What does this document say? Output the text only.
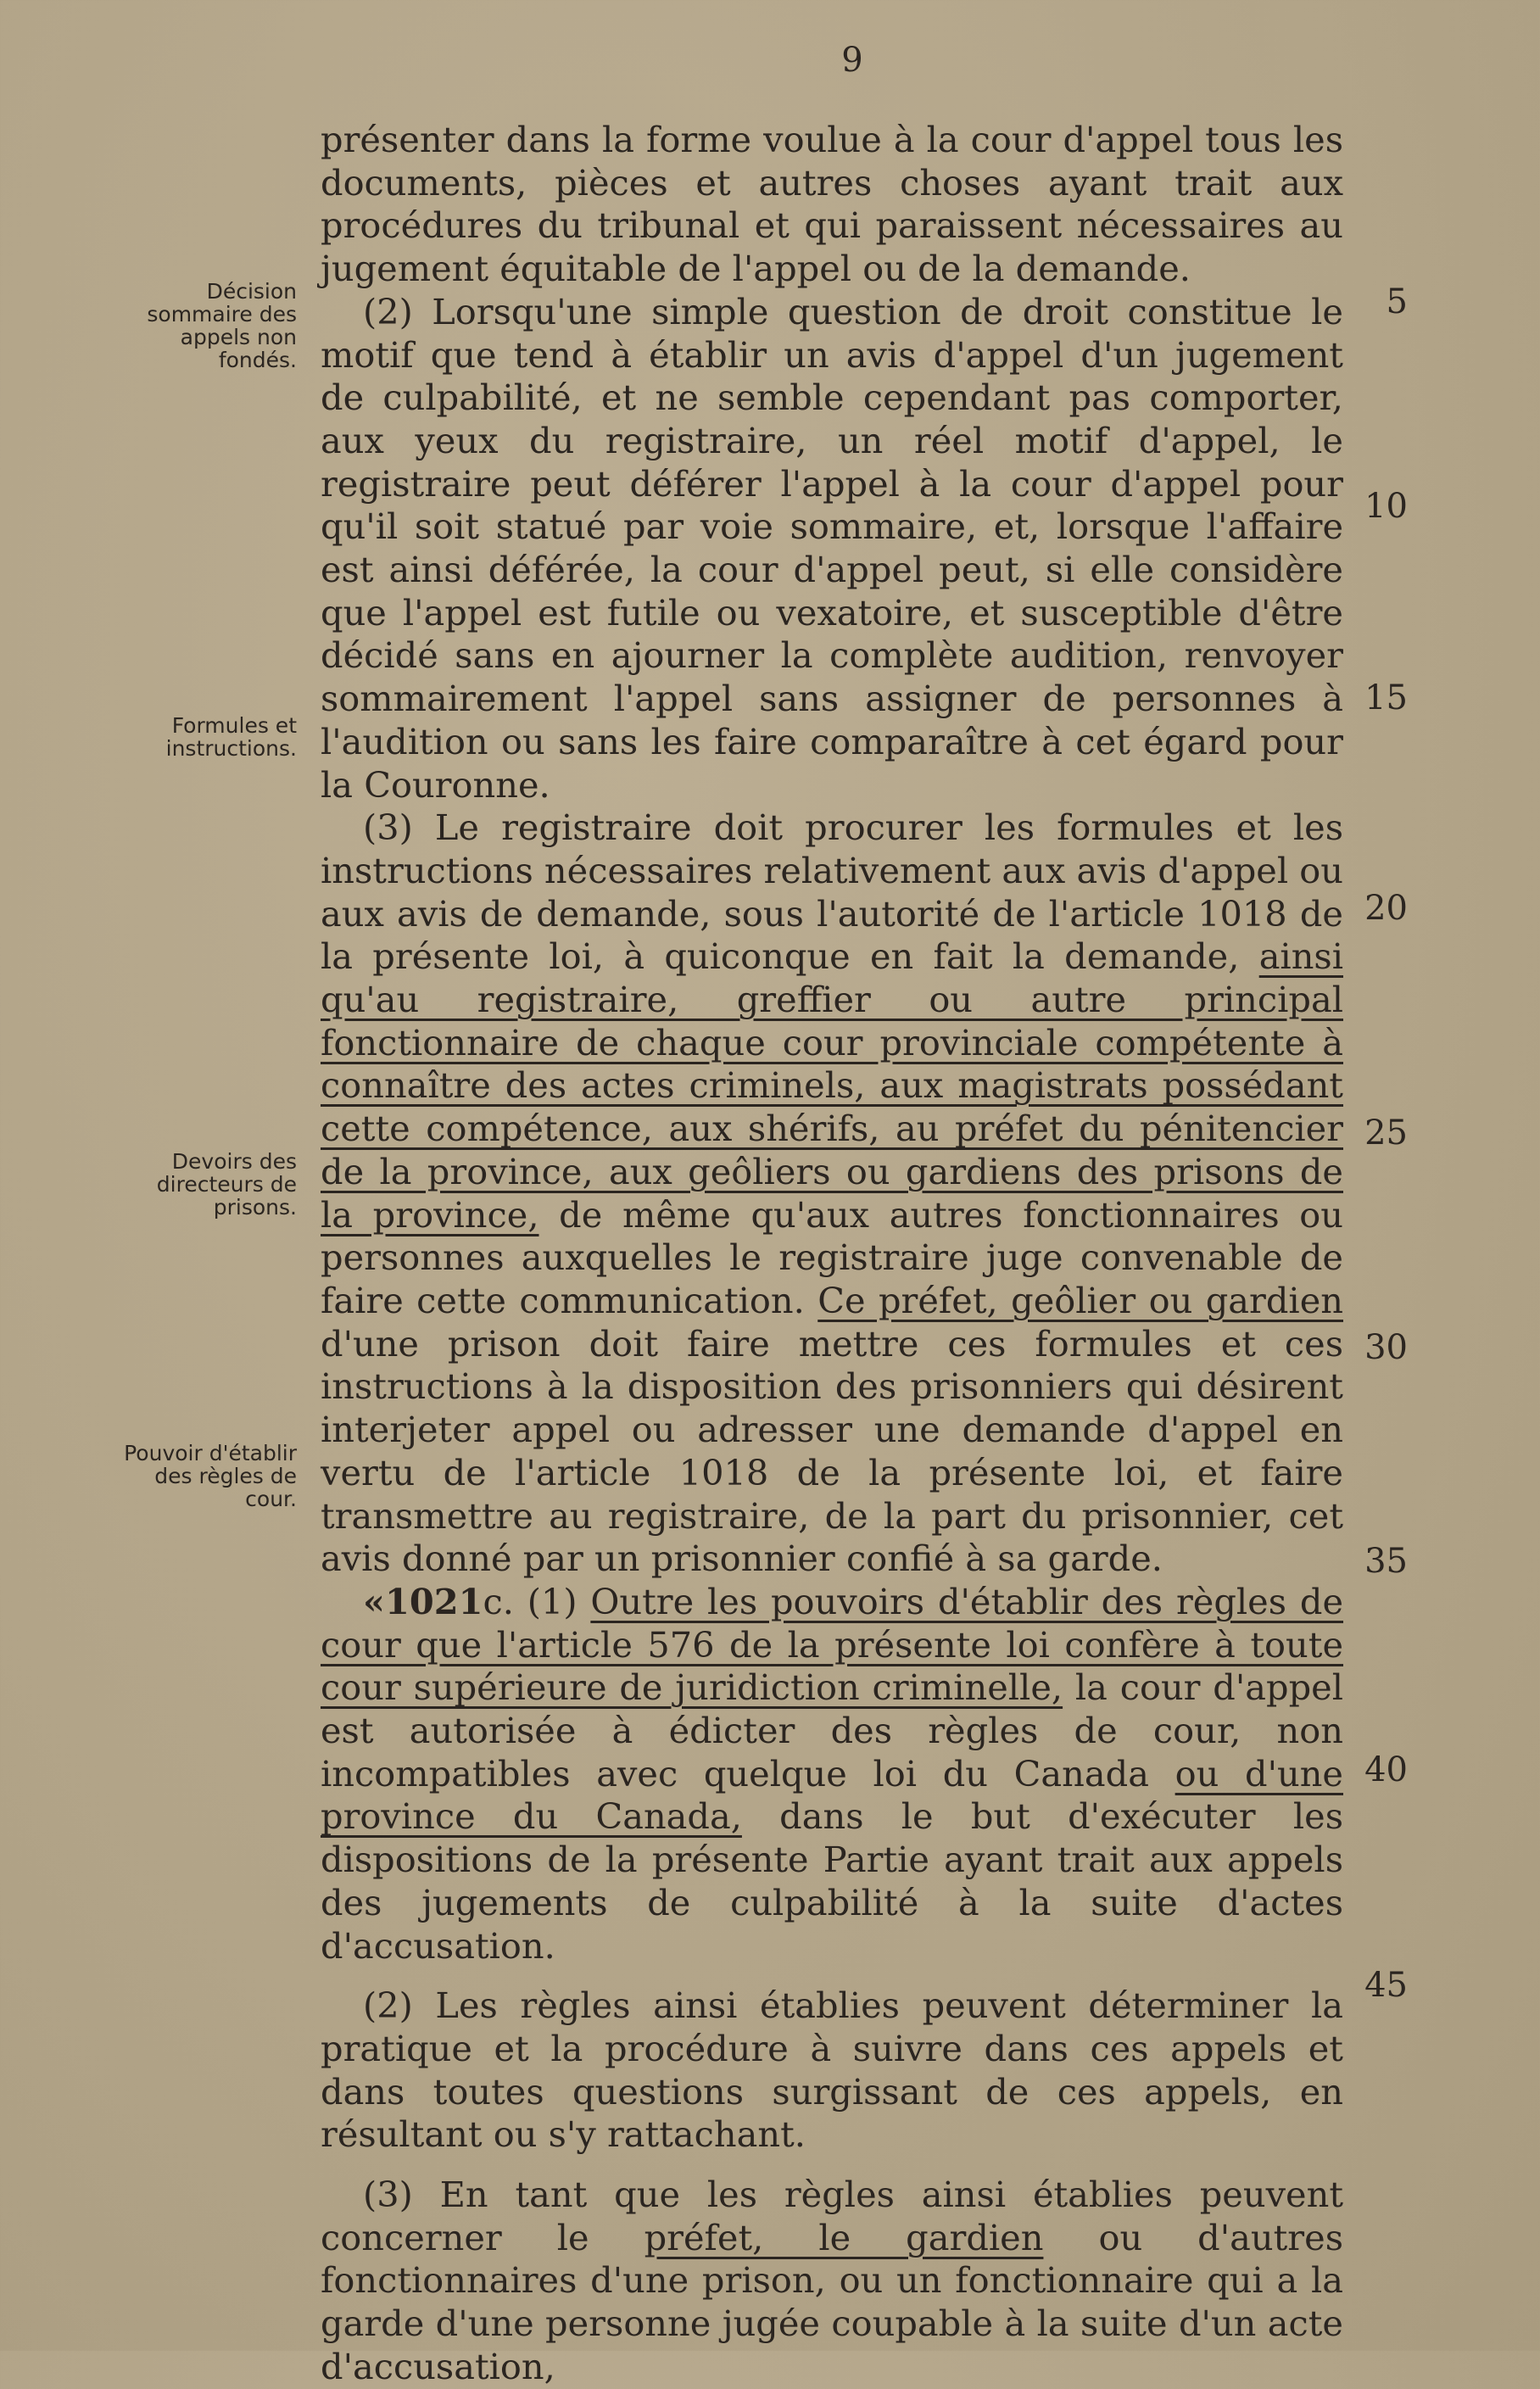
9
Décision sommaire des appels non fondés.
Formules et instructions.
Devoirs des directeurs de prisons.
Pouvoir d'établir des règles de cour.

présenter dans la forme voulue à la cour d'appel tous les documents, pièces et autres choses ayant trait aux procédures du tribunal et qui paraissent nécessaires au jugement équitable de l'appel ou de la demande.

(2) Lorsqu'une simple question de droit constitue le motif que tend à établir un avis d'appel d'un jugement de culpabilité, et ne semble cependant pas comporter, aux yeux du registraire, un réel motif d'appel, le registraire peut déférer l'appel à la cour d'appel pour qu'il soit statué par voie sommaire, et, lorsque l'affaire est ainsi déférée, la cour d'appel peut, si elle considère que l'appel est futile ou vexatoire, et susceptible d'être décidé sans en ajourner la complète audition, renvoyer sommairement l'appel sans assigner de personnes à l'audition ou sans les faire comparaître à cet égard pour la Couronne.

(3) Le registraire doit procurer les formules et les instructions nécessaires relativement aux avis d'appel ou aux avis de demande, sous l'autorité de l'article 1018 de la présente loi, à quiconque en fait la demande, ainsi qu'au registraire, greffier ou autre principal fonctionnaire de chaque cour provinciale compétente à connaître des actes criminels, aux magistrats possédant cette compétence, aux shérifs, au préfet du pénitencier de la province, aux geôliers ou gardiens des prisons de la province, de même qu'aux autres fonctionnaires ou personnes auxquelles le registraire juge convenable de faire cette communication. Ce préfet, geôlier ou gardien d'une prison doit faire mettre ces formules et ces instructions à la disposition des prisonniers qui désirent interjeter appel ou adresser une demande d'appel en vertu de l'article 1018 de la présente loi, et faire transmettre au registraire, de la part du prisonnier, cet avis donné par un prisonnier confié à sa garde.

«1021c. (1) Outre les pouvoirs d'établir des règles de cour que l'article 576 de la présente loi confère à toute cour supérieure de juridiction criminelle, la cour d'appel est autorisée à édicter des règles de cour, non incompatibles avec quelque loi du Canada ou d'une province du Canada, dans le but d'exécuter les dispositions de la présente Partie ayant trait aux appels des jugements de culpabilité à la suite d'actes d'accusation.

(2) Les règles ainsi établies peuvent déterminer la pratique et la procédure à suivre dans ces appels et dans toutes questions surgissant de ces appels, en résultant ou s'y rattachant.

(3) En tant que les règles ainsi établies peuvent concerner le préfet, le gardien ou d'autres fonctionnaires d'une prison, ou un fonctionnaire qui a la garde d'une personne jugée coupable à la suite d'un acte d'accusation,

5
10
15
20
25
30
35
40
45
